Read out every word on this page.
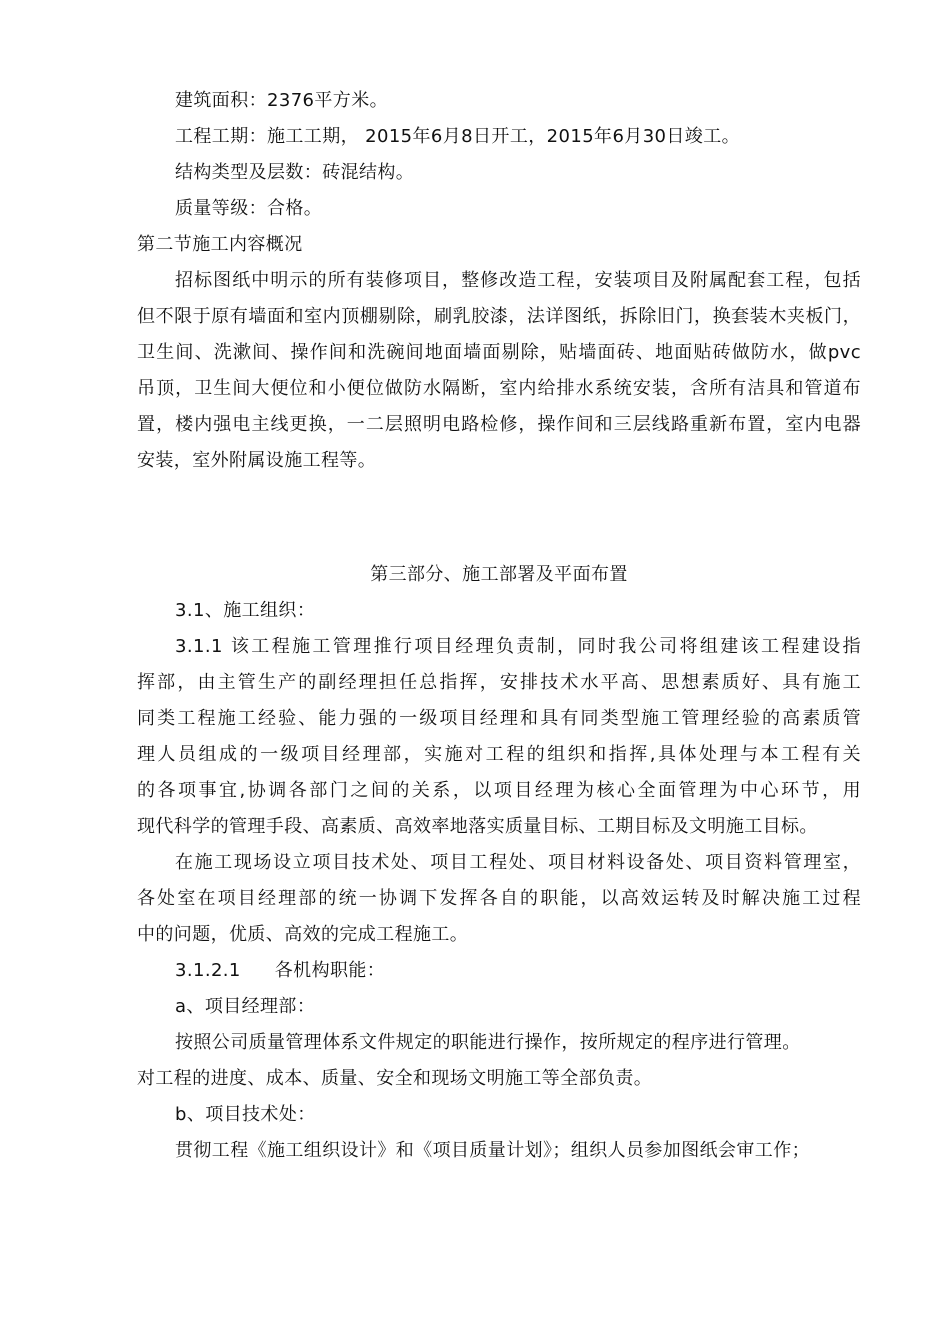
建筑面积：2376平方米。
工程工期：施工工期， 2015年6月8日开工，2015年6月30日竣工。
结构类型及层数：砖混结构。
质量等级：合格。
第二节施工内容概况
招标图纸中明示的所有装修项目，整修改造工程，安装项目及附属配套工程，包括
但不限于原有墙面和室内顶棚剔除，刷乳胶漆，法详图纸，拆除旧门，换套装木夹板门，
卫生间、洗漱间、操作间和洗碗间地面墙面剔除，贴墙面砖、地面贴砖做防水，做pvc
吊顶，卫生间大便位和小便位做防水隔断，室内给排水系统安装，含所有洁具和管道布
置，楼内强电主线更换，一二层照明电路检修，操作间和三层线路重新布置，室内电器
安装，室外附属设施工程等。
第三部分、施工部署及平面布置
3.1、施工组织：
3.1.1 该工程施工管理推行项目经理负责制，同时我公司将组建该工程建设指
挥部，由主管生产的副经理担任总指挥，安排技术水平高、思想素质好、具有施工
同类工程施工经验、能力强的一级项目经理和具有同类型施工管理经验的高素质管
理人员组成的一级项目经理部，实施对工程的组织和指挥,具体处理与本工程有关
的各项事宜,协调各部门之间的关系，以项目经理为核心全面管理为中心环节，用
现代科学的管理手段、高素质、高效率地落实质量目标、工期目标及文明施工目标。
在施工现场设立项目技术处、项目工程处、项目材料设备处、项目资料管理室，
各处室在项目经理部的统一协调下发挥各自的职能，以高效运转及时解决施工过程
中的问题，优质、高效的完成工程施工。
3.1.2.1 各机构职能：
a、项目经理部：
按照公司质量管理体系文件规定的职能进行操作，按所规定的程序进行管理。
对工程的进度、成本、质量、安全和现场文明施工等全部负责。
b、项目技术处：
贯彻工程《施工组织设计》和《项目质量计划》；组织人员参加图纸会审工作；
